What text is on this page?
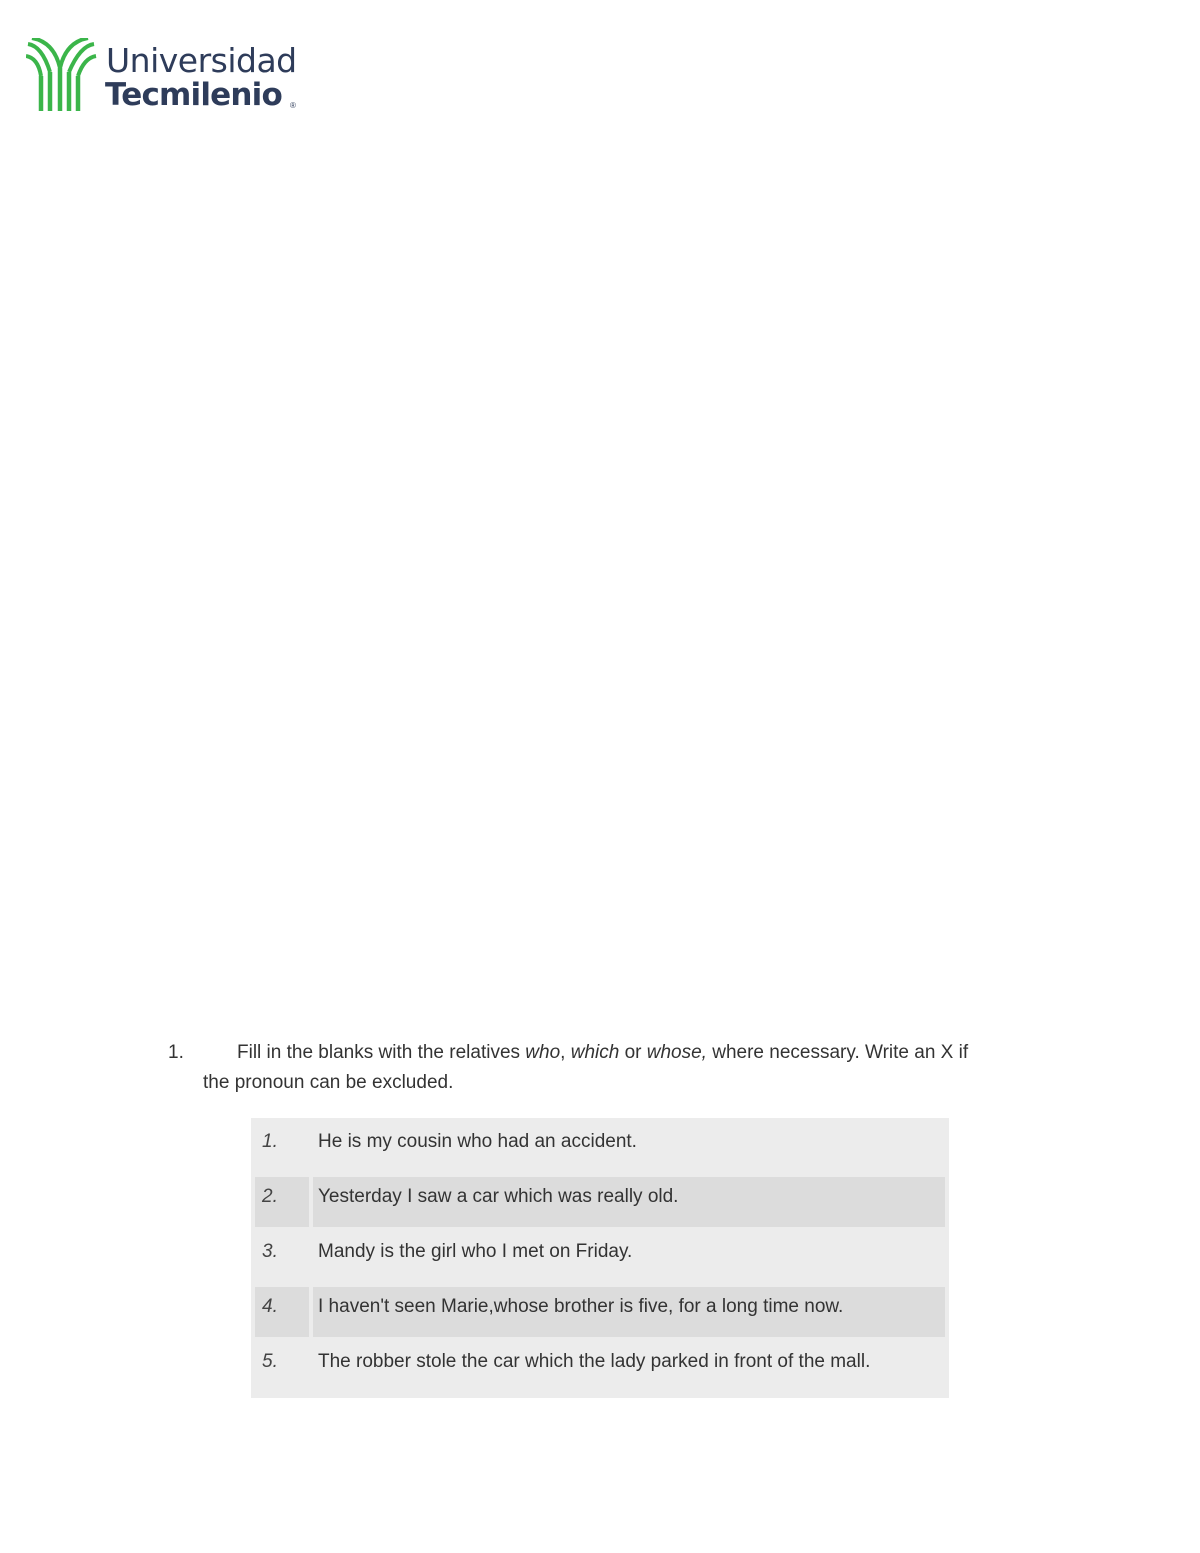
Universidad
Tecmilenio ®
1.	Fill in the blanks with the relatives who, which or whose, where necessary. Write an X if
the pronoun can be excluded.
1. He is my cousin who had an accident.
2. Yesterday I saw a car which was really old.
3. Mandy is the girl who I met on Friday.
4. I haven't seen Marie,whose brother is five, for a long time now.
5. The robber stole the car which the lady parked in front of the mall.
